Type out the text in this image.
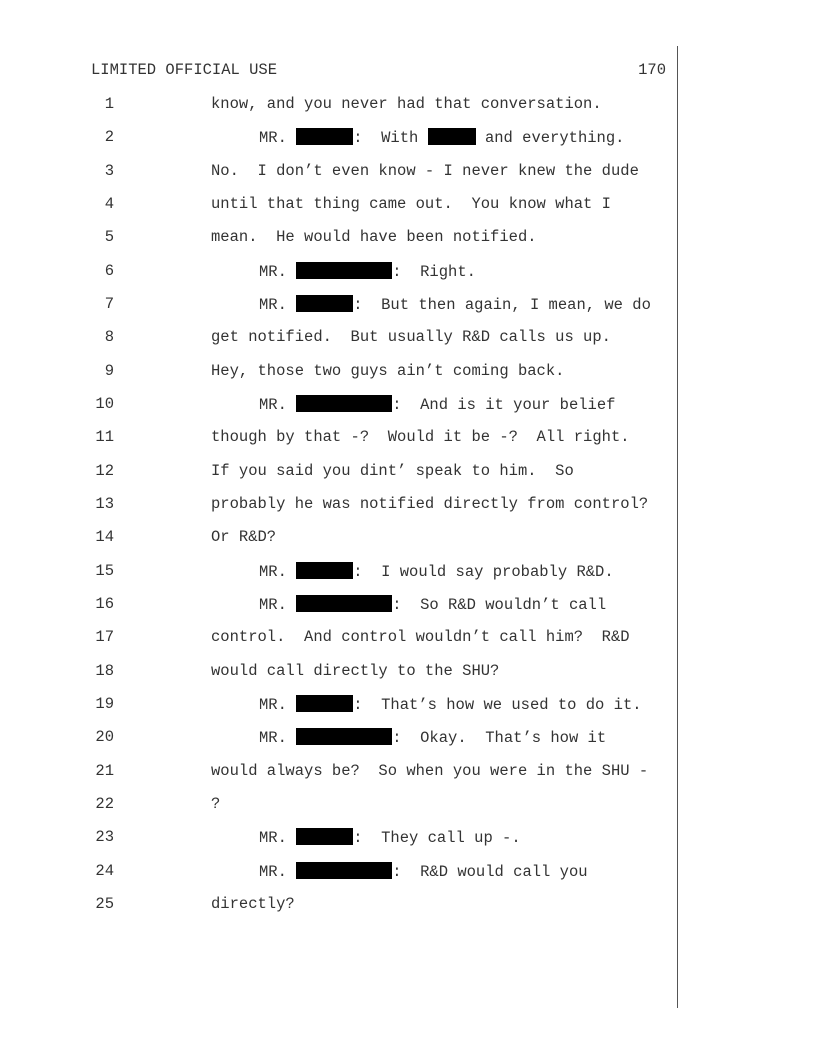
LIMITED OFFICIAL USE	170
1	know, and you never had that conversation.
2	MR.	:  With	and everything.
3	No.  I don’t even know - I never knew the dude
4	until that thing came out.  You know what I
5	mean.  He would have been notified.
6	MR.	:  Right.
7	MR.	:  But then again, I mean, we do
8	get notified.  But usually R&D calls us up.
9	Hey, those two guys ain’t coming back.
10	MR.	:  And is it your belief
11	though by that -?  Would it be -?  All right.
12	If you said you dint’ speak to him.  So
13	probably he was notified directly from control?
14	Or R&D?
15	MR.	:  I would say probably R&D.
16	MR.	:  So R&D wouldn’t call
17	control.  And control wouldn’t call him?  R&D
18	would call directly to the SHU?
19	MR.	:  That’s how we used to do it.
20	MR.	:  Okay.  That’s how it
21	would always be?  So when you were in the SHU -
22	?
23	MR.	:  They call up -.
24	MR.	:  R&D would call you
25	directly?
